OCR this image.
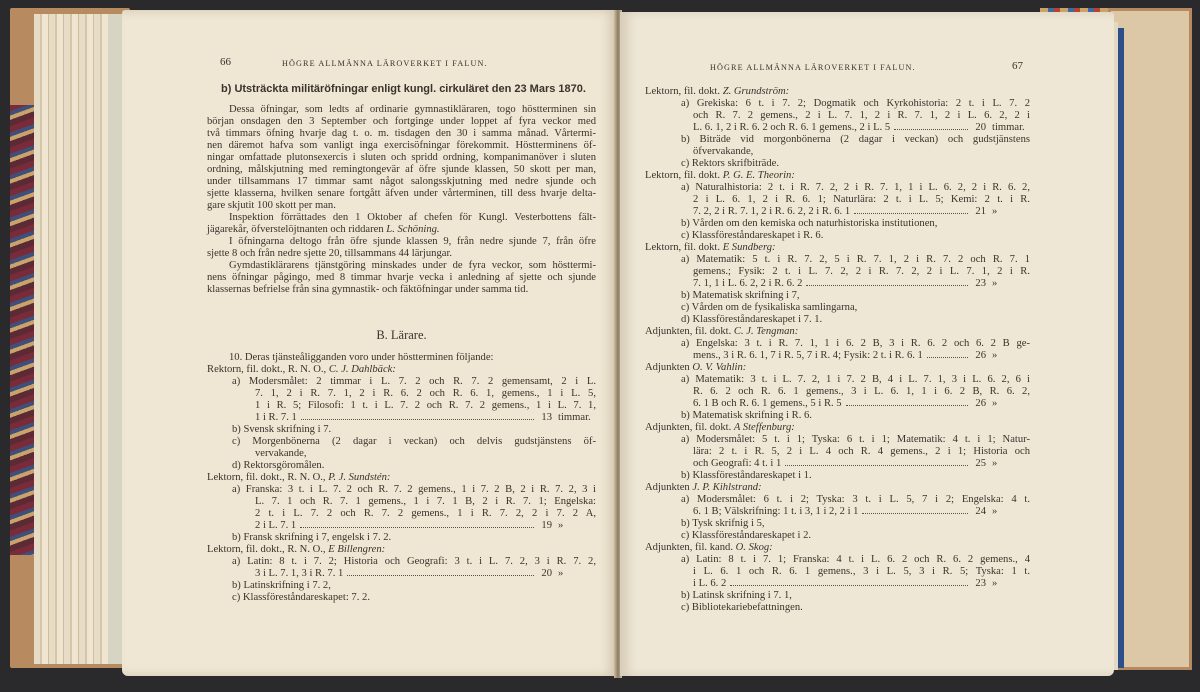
66	HÖGRE ALLMÄNNA LÄROVERKET I FALUN.
b) Utsträckta militäröfningar enligt kungl. cirkuläret den 23 Mars 1870.
Dessa öfningar, som ledts af ordinarie gymnastikläraren, togo höstterminen sin
början onsdagen den 3 September och fortginge under loppet af fyra veckor med
två timmars öfning hvarje dag t. o. m. tisdagen den 30 i samma månad. Vårtermi-
nen däremot hafva som vanligt inga exercisöfningar förekommit. Höstterminens öf-
ningar omfattade plutonsexercis i sluten och spridd ordning, kompanimanöver i sluten
ordning, målskjutning med remingtongevär af öfre sjunde klassen, 50 skott per man,
under tillsammans 17 timmar samt något salongsskjutning med nedre sjunde och
sjette klasserna, hvilken senare fortgått äfven under vårterminen, till dess hvarje delta-
gare skjutit 100 skott per man.
Inspektion förrättades den 1 Oktober af chefen för Kungl. Vesterbottens fält-
jägarekår, öfverstelöjtnanten och riddaren L. Schöning.
I öfningarna deltogo från öfre sjunde klassen 9, från nedre sjunde 7, från öfre
sjette 8 och från nedre sjette 20, tillsammans 44 lärjungar.
Gymdastiklärarens tjänstgöring minskades under de fyra veckor, som hösttermi-
nens öfningar pågingo, med 8 timmar hvarje vecka i anledning af sjette och sjunde
klassernas befrielse från sina gymnastik- och fäktöfningar under samma tid.
B. Lärare.
10. Deras tjänsteåligganden voro under höstterminen följande:
Rektorn, fil. dokt., R. N. O., C. J. Dahlbäck:
a) Modersmålet: 2 timmar i L. 7. 2 och R. 7. 2 gemensamt, 2 i L.
7. 1, 2 i R. 7. 1, 2 i R. 6. 2 och R. 6. 1, gemens., 1 i L. 5,
1 i R. 5; Filosofi: 1 t. i L. 7. 2 och R. 7. 2 gemens., 1 i L. 7. 1,
1 i R. 7. 1	13 timmar.
b) Svensk skrifning i 7.
c) Morgenbönerna (2 dagar i veckan) och delvis gudstjänstens öf-
vervakande,
d) Rektorsgöromålen.
Lektorn, fil. dokt., R. N. O., P. J. Sundstén:
a) Franska: 3 t. i L. 7. 2 och R. 7. 2 gemens., 1 i 7. 2 B, 2 i R. 7. 2, 3 i
L. 7. 1 och R. 7. 1 gemens., 1 i 7. 1 B, 2 i R. 7. 1; Engelska:
2 t. i L. 7. 2 och R. 7. 2 gemens., 1 i R. 7. 2, 2 i 7. 2 A,
2 i L. 7. 1	19 »
b) Fransk skrifning i 7, engelsk i 7. 2.
Lektorn, fil. dokt., R. N. O., E Billengren:
a) Latin: 8 t. i 7. 2; Historia och Geografi: 3 t. i L. 7. 2, 3 i R. 7. 2,
3 i L. 7. 1, 3 i R. 7. 1	20 »
b) Latinskrifning i 7. 2,
c) Klassföreståndareskapet: 7. 2.
HÖGRE ALLMÄNNA LÄROVERKET I FALUN.	67
Lektorn, fil. dokt. Z. Grundström:
a) Grekiska: 6 t. i 7. 2; Dogmatik och Kyrkohistoria: 2 t. i L. 7. 2
och R. 7. 2 gemens., 2 i L. 7. 1, 2 i R. 7. 1, 2 i L. 6. 2, 2 i
L. 6. 1, 2 i R. 6. 2 och R. 6. 1 gemens., 2 i L. 5	20 timmar.
b) Biträde vid morgonbönerna (2 dagar i veckan) och gudstjänstens
öfvervakande,
c) Rektors skrifbiträde.
Lektorn, fil. dokt. P. G. E. Theorin:
a) Naturalhistoria: 2 t. i R. 7. 2, 2 i R. 7. 1, 1 i L. 6. 2, 2 i R. 6. 2,
2 i L. 6. 1, 2 i R. 6. 1; Naturlära: 2 t. i L. 5; Kemi: 2 t. i R.
7. 2, 2 i R. 7. 1, 2 i R. 6. 2, 2 i R. 6. 1	21 »
b) Vården om den kemiska och naturhistoriska institutionen,
c) Klassföreståndareskapet i R. 6.
Lektorn, fil. dokt. E Sundberg:
a) Matematik: 5 t. i R. 7. 2, 5 i R. 7. 1, 2 i R. 7. 2 och R. 7. 1
gemens.; Fysik: 2 t. i L. 7. 2, 2 i R. 7. 2, 2 i L. 7. 1, 2 i R.
7. 1, 1 i L. 6. 2, 2 i R. 6. 2	23 »
b) Matematisk skrifning i 7,
c) Vården om de fysikaliska samlingarna,
d) Klassföreståndareskapet i 7. 1.
Adjunkten, fil. dokt. C. J. Tengman:
a) Engelska: 3 t. i R. 7. 1, 1 i 6. 2 B, 3 i R. 6. 2 och 6. 2 B ge-
mens., 3 i R. 6. 1, 7 i R. 5, 7 i R. 4; Fysik: 2 t. i R. 6. 1	26 »
Adjunkten O. V. Vahlin:
a) Matematik: 3 t. i L. 7. 2, 1 i 7. 2 B, 4 i L. 7. 1, 3 i L. 6. 2, 6 i
R. 6. 2 och R. 6. 1 gemens., 3 i L. 6. 1, 1 i 6. 2 B, R. 6. 2,
6. 1 B och R. 6. 1 gemens., 5 i R. 5	26 »
b) Matematisk skrifning i R. 6.
Adjunkten, fil. dokt. A Steffenburg:
a) Modersmålet: 5 t. i 1; Tyska: 6 t. i 1; Matematik: 4 t. i 1; Natur-
lära: 2 t. i R. 5, 2 i L. 4 och R. 4 gemens., 2 i 1; Historia och
och Geografi: 4 t. i 1	25 »
b) Klassföreståndareskapet i 1.
Adjunkten J. P. Kihlstrand:
a) Modersmålet: 6 t. i 2; Tyska: 3 t. i L. 5, 7 i 2; Engelska: 4 t.
6. 1 B; Välskrifning: 1 t. i 3, 1 i 2, 2 i 1	24 »
b) Tysk skrifnig i 5,
c) Klassföreståndareskapet i 2.
Adjunkten, fil. kand. O. Skog:
a) Latin: 8 t. i 7. 1; Franska: 4 t. i L. 6. 2 och R. 6. 2 gemens., 4
i L. 6. 1 och R. 6. 1 gemens., 3 i L. 5, 3 i R. 5; Tyska: 1 t.
i L. 6. 2	23 »
b) Latinsk skrifning i 7. 1,
c) Bibliotekariebefattningen.
